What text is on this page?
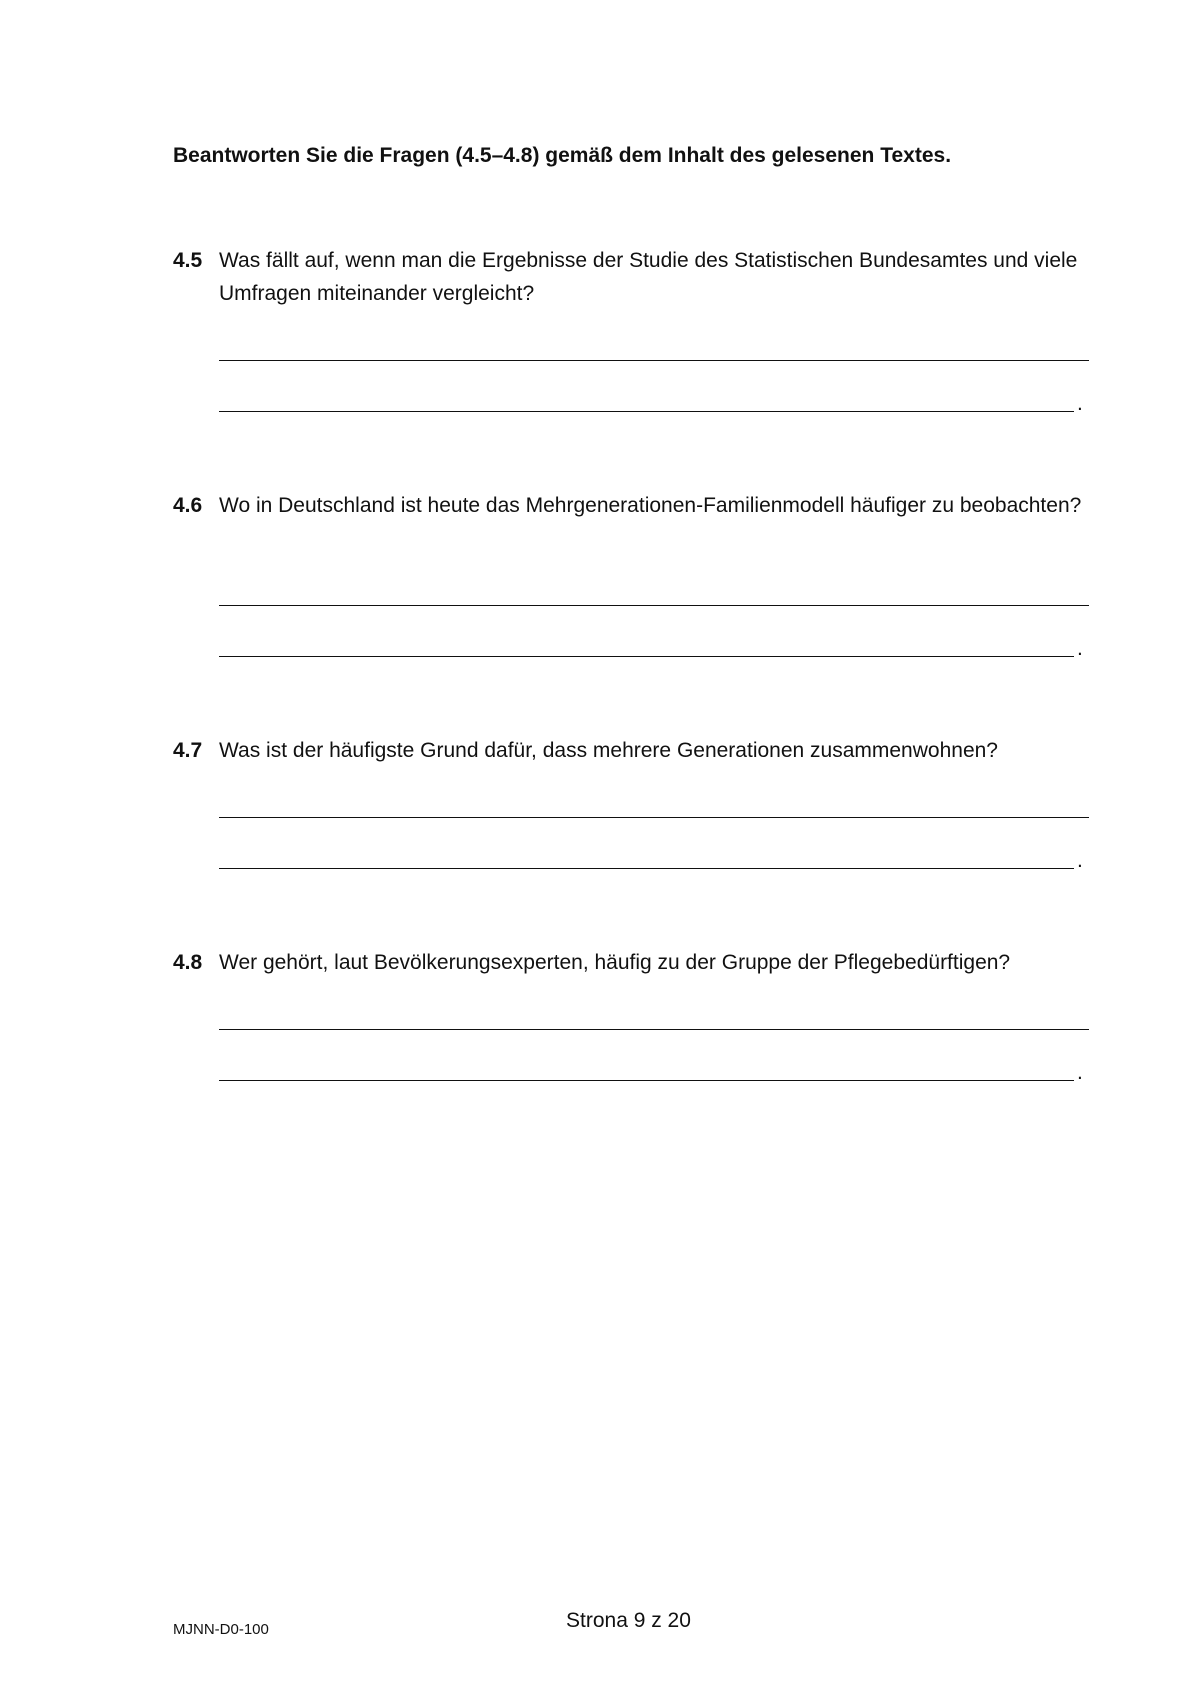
Beantworten Sie die Fragen (4.5–4.8) gemäß dem Inhalt des gelesenen Textes.

4.5 Was fällt auf, wenn man die Ergebnisse der Studie des Statistischen Bundesamtes und viele Umfragen miteinander vergleicht?
.
4.6 Wo in Deutschland ist heute das Mehrgenerationen-Familienmodell häufiger zu beobachten?
.
4.7 Was ist der häufigste Grund dafür, dass mehrere Generationen zusammenwohnen?
.
4.8 Wer gehört, laut Bevölkerungsexperten, häufig zu der Gruppe der Pflegebedürftigen?
.
MJNN-D0-100	Strona 9 z 20
